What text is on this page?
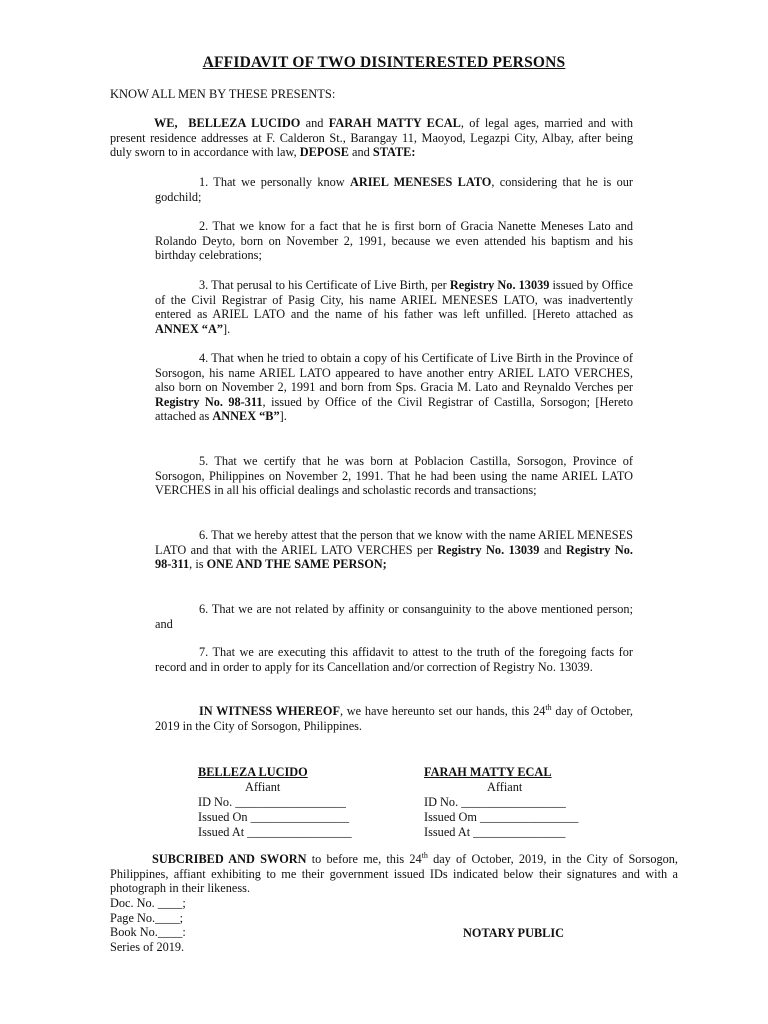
AFFIDAVIT OF TWO DISINTERESTED PERSONS
KNOW ALL MEN BY THESE PRESENTS:
WE, BELLEZA LUCIDO and FARAH MATTY ECAL, of legal ages, married and with present residence addresses at F. Calderon St., Barangay 11, Maoyod, Legazpi City, Albay, after being duly sworn to in accordance with law, DEPOSE and STATE:
1. That we personally know ARIEL MENESES LATO, considering that he is our godchild;
2. That we know for a fact that he is first born of Gracia Nanette Meneses Lato and Rolando Deyto, born on November 2, 1991, because we even attended his baptism and his birthday celebrations;
3. That perusal to his Certificate of Live Birth, per Registry No. 13039 issued by Office of the Civil Registrar of Pasig City, his name ARIEL MENESES LATO, was inadvertently entered as ARIEL LATO and the name of his father was left unfilled. [Hereto attached as ANNEX “A”].
4. That when he tried to obtain a copy of his Certificate of Live Birth in the Province of Sorsogon, his name ARIEL LATO appeared to have another entry ARIEL LATO VERCHES, also born on November 2, 1991 and born from Sps. Gracia M. Lato and Reynaldo Verches per Registry No. 98-311, issued by Office of the Civil Registrar of Castilla, Sorsogon; [Hereto attached as ANNEX “B”].
5. That we certify that he was born at Poblacion Castilla, Sorsogon, Province of Sorsogon, Philippines on November 2, 1991. That he had been using the name ARIEL LATO VERCHES in all his official dealings and scholastic records and transactions;
6. That we hereby attest that the person that we know with the name ARIEL MENESES LATO and that with the ARIEL LATO VERCHES per Registry No. 13039 and Registry No. 98-311, is ONE AND THE SAME PERSON;
6. That we are not related by affinity or consanguinity to the above mentioned person; and
7. That we are executing this affidavit to attest to the truth of the foregoing facts for record and in order to apply for its Cancellation and/or correction of Registry No. 13039.
IN WITNESS WHEREOF, we have hereunto set our hands, this 24th day of October, 2019 in the City of Sorsogon, Philippines.
BELLEZA LUCIDO
Affiant
ID No. __________________
Issued On ________________
Issued At _________________
FARAH MATTY ECAL
Affiant
ID No. _________________
Issued Om ________________
Issued At _______________
SUBCRIBED AND SWORN to before me, this 24th day of October, 2019, in the City of Sorsogon, Philippines, affiant exhibiting to me their government issued IDs indicated below their signatures and with a photograph in their likeness.
Doc. No. ____;
Page No.____;
Book No.____:
Series of 2019.
NOTARY PUBLIC
